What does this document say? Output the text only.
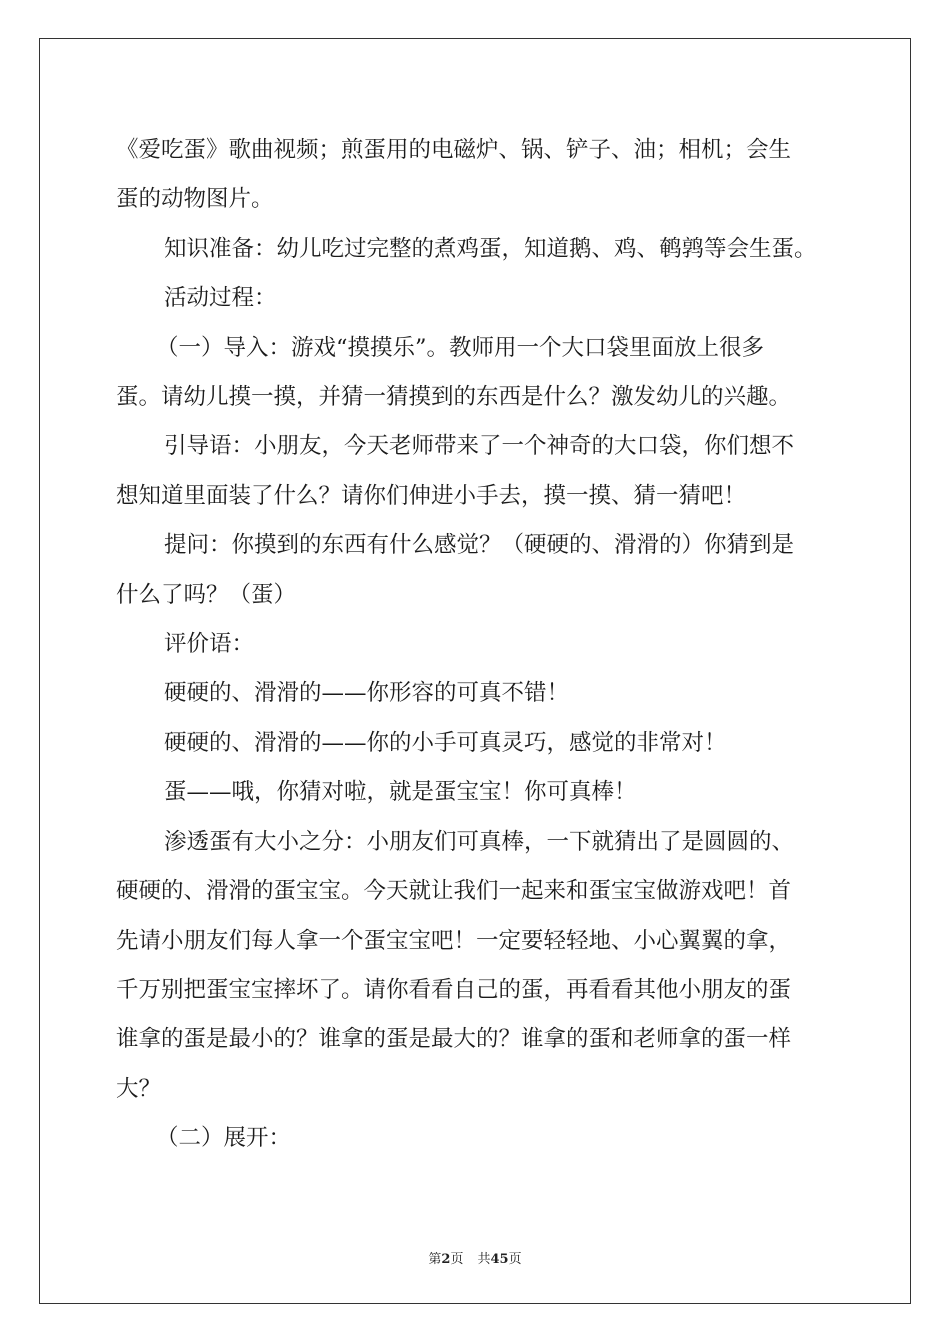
《爱吃蛋》歌曲视频；煎蛋用的电磁炉、锅、铲子、油；相机；会生

蛋的动物图片。

知识准备：幼儿吃过完整的煮鸡蛋，知道鹅、鸡、鹌鹑等会生蛋。

活动过程：

（一）导入：游戏“摸摸乐”。教师用一个大口袋里面放上很多

蛋。请幼儿摸一摸，并猜一猜摸到的东西是什么？激发幼儿的兴趣。

引导语：小朋友，今天老师带来了一个神奇的大口袋，你们想不

想知道里面装了什么？请你们伸进小手去，摸一摸、猜一猜吧！

提问：你摸到的东西有什么感觉？（硬硬的、滑滑的）你猜到是

什么了吗？（蛋）

评价语：

硬硬的、滑滑的——你形容的可真不错！

硬硬的、滑滑的——你的小手可真灵巧，感觉的非常对！

蛋——哦，你猜对啦，就是蛋宝宝！你可真棒！

渗透蛋有大小之分：小朋友们可真棒，一下就猜出了是圆圆的、

硬硬的、滑滑的蛋宝宝。今天就让我们一起来和蛋宝宝做游戏吧！首

先请小朋友们每人拿一个蛋宝宝吧！一定要轻轻地、小心翼翼的拿，

千万别把蛋宝宝摔坏了。请你看看自己的蛋，再看看其他小朋友的蛋

谁拿的蛋是最小的？谁拿的蛋是最大的？谁拿的蛋和老师拿的蛋一样

大？

（二）展开：

第2页 共45页
